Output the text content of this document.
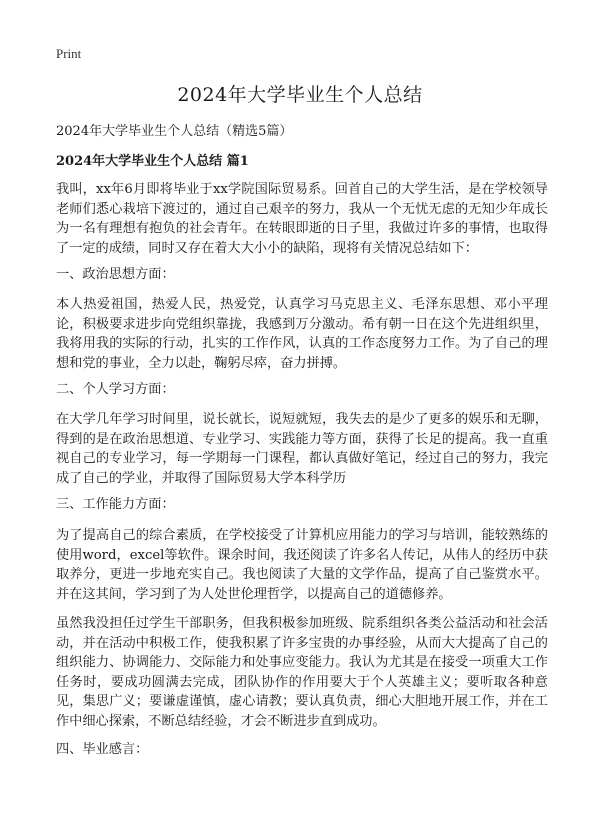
Print
2024年大学毕业生个人总结

2024年大学毕业生个人总结（精选5篇）

2024年大学毕业生个人总结 篇1

我叫，xx年6月即将毕业于xx学院国际贸易系。回首自己的大学生活，是在学校领导老师们悉心栽培下渡过的，通过自己艰辛的努力，我从一个无忧无虑的无知少年成长为一名有理想有抱负的社会青年。在转眼即逝的日子里，我做过许多的事情，也取得了一定的成绩，同时又存在着大大小小的缺陷，现将有关情况总结如下：

一、政治思想方面：

本人热爱祖国，热爱人民，热爱党，认真学习马克思主义、毛泽东思想、邓小平理论，积极要求进步向党组织靠拢，我感到万分激动。希有朝一日在这个先进组织里，我将用我的实际的行动，扎实的工作作风，认真的工作态度努力工作。为了自己的理想和党的事业，全力以赴，鞠躬尽瘁，奋力拼搏。

二、个人学习方面：

在大学几年学习时间里，说长就长，说短就短，我失去的是少了更多的娱乐和无聊，得到的是在政治思想道、专业学习、实践能力等方面，获得了长足的提高。我一直重视自己的专业学习，每一学期每一门课程，都认真做好笔记，经过自己的努力，我完成了自己的学业，并取得了国际贸易大学本科学历

三、工作能力方面：

为了提高自己的综合素质，在学校接受了计算机应用能力的学习与培训，能较熟练的使用word，excel等软件。课余时间，我还阅读了许多名人传记，从伟人的经历中获取养分，更进一步地充实自己。我也阅读了大量的文学作品，提高了自己鉴赏水平。并在这其间，学习到了为人处世伦理哲学，以提高自己的道德修养。

虽然我没担任过学生干部职务，但我积极参加班级、院系组织各类公益活动和社会活动，并在活动中积极工作，使我积累了许多宝贵的办事经验，从而大大提高了自己的组织能力、协调能力、交际能力和处事应变能力。我认为尤其是在接受一项重大工作任务时，要成功圆满去完成，团队协作的作用要大于个人英雄主义；要听取各种意见，集思广义；要谦虚谨慎，虚心请教；要认真负责，细心大胆地开展工作，并在工作中细心探索，不断总结经验，才会不断进步直到成功。

四、毕业感言：
